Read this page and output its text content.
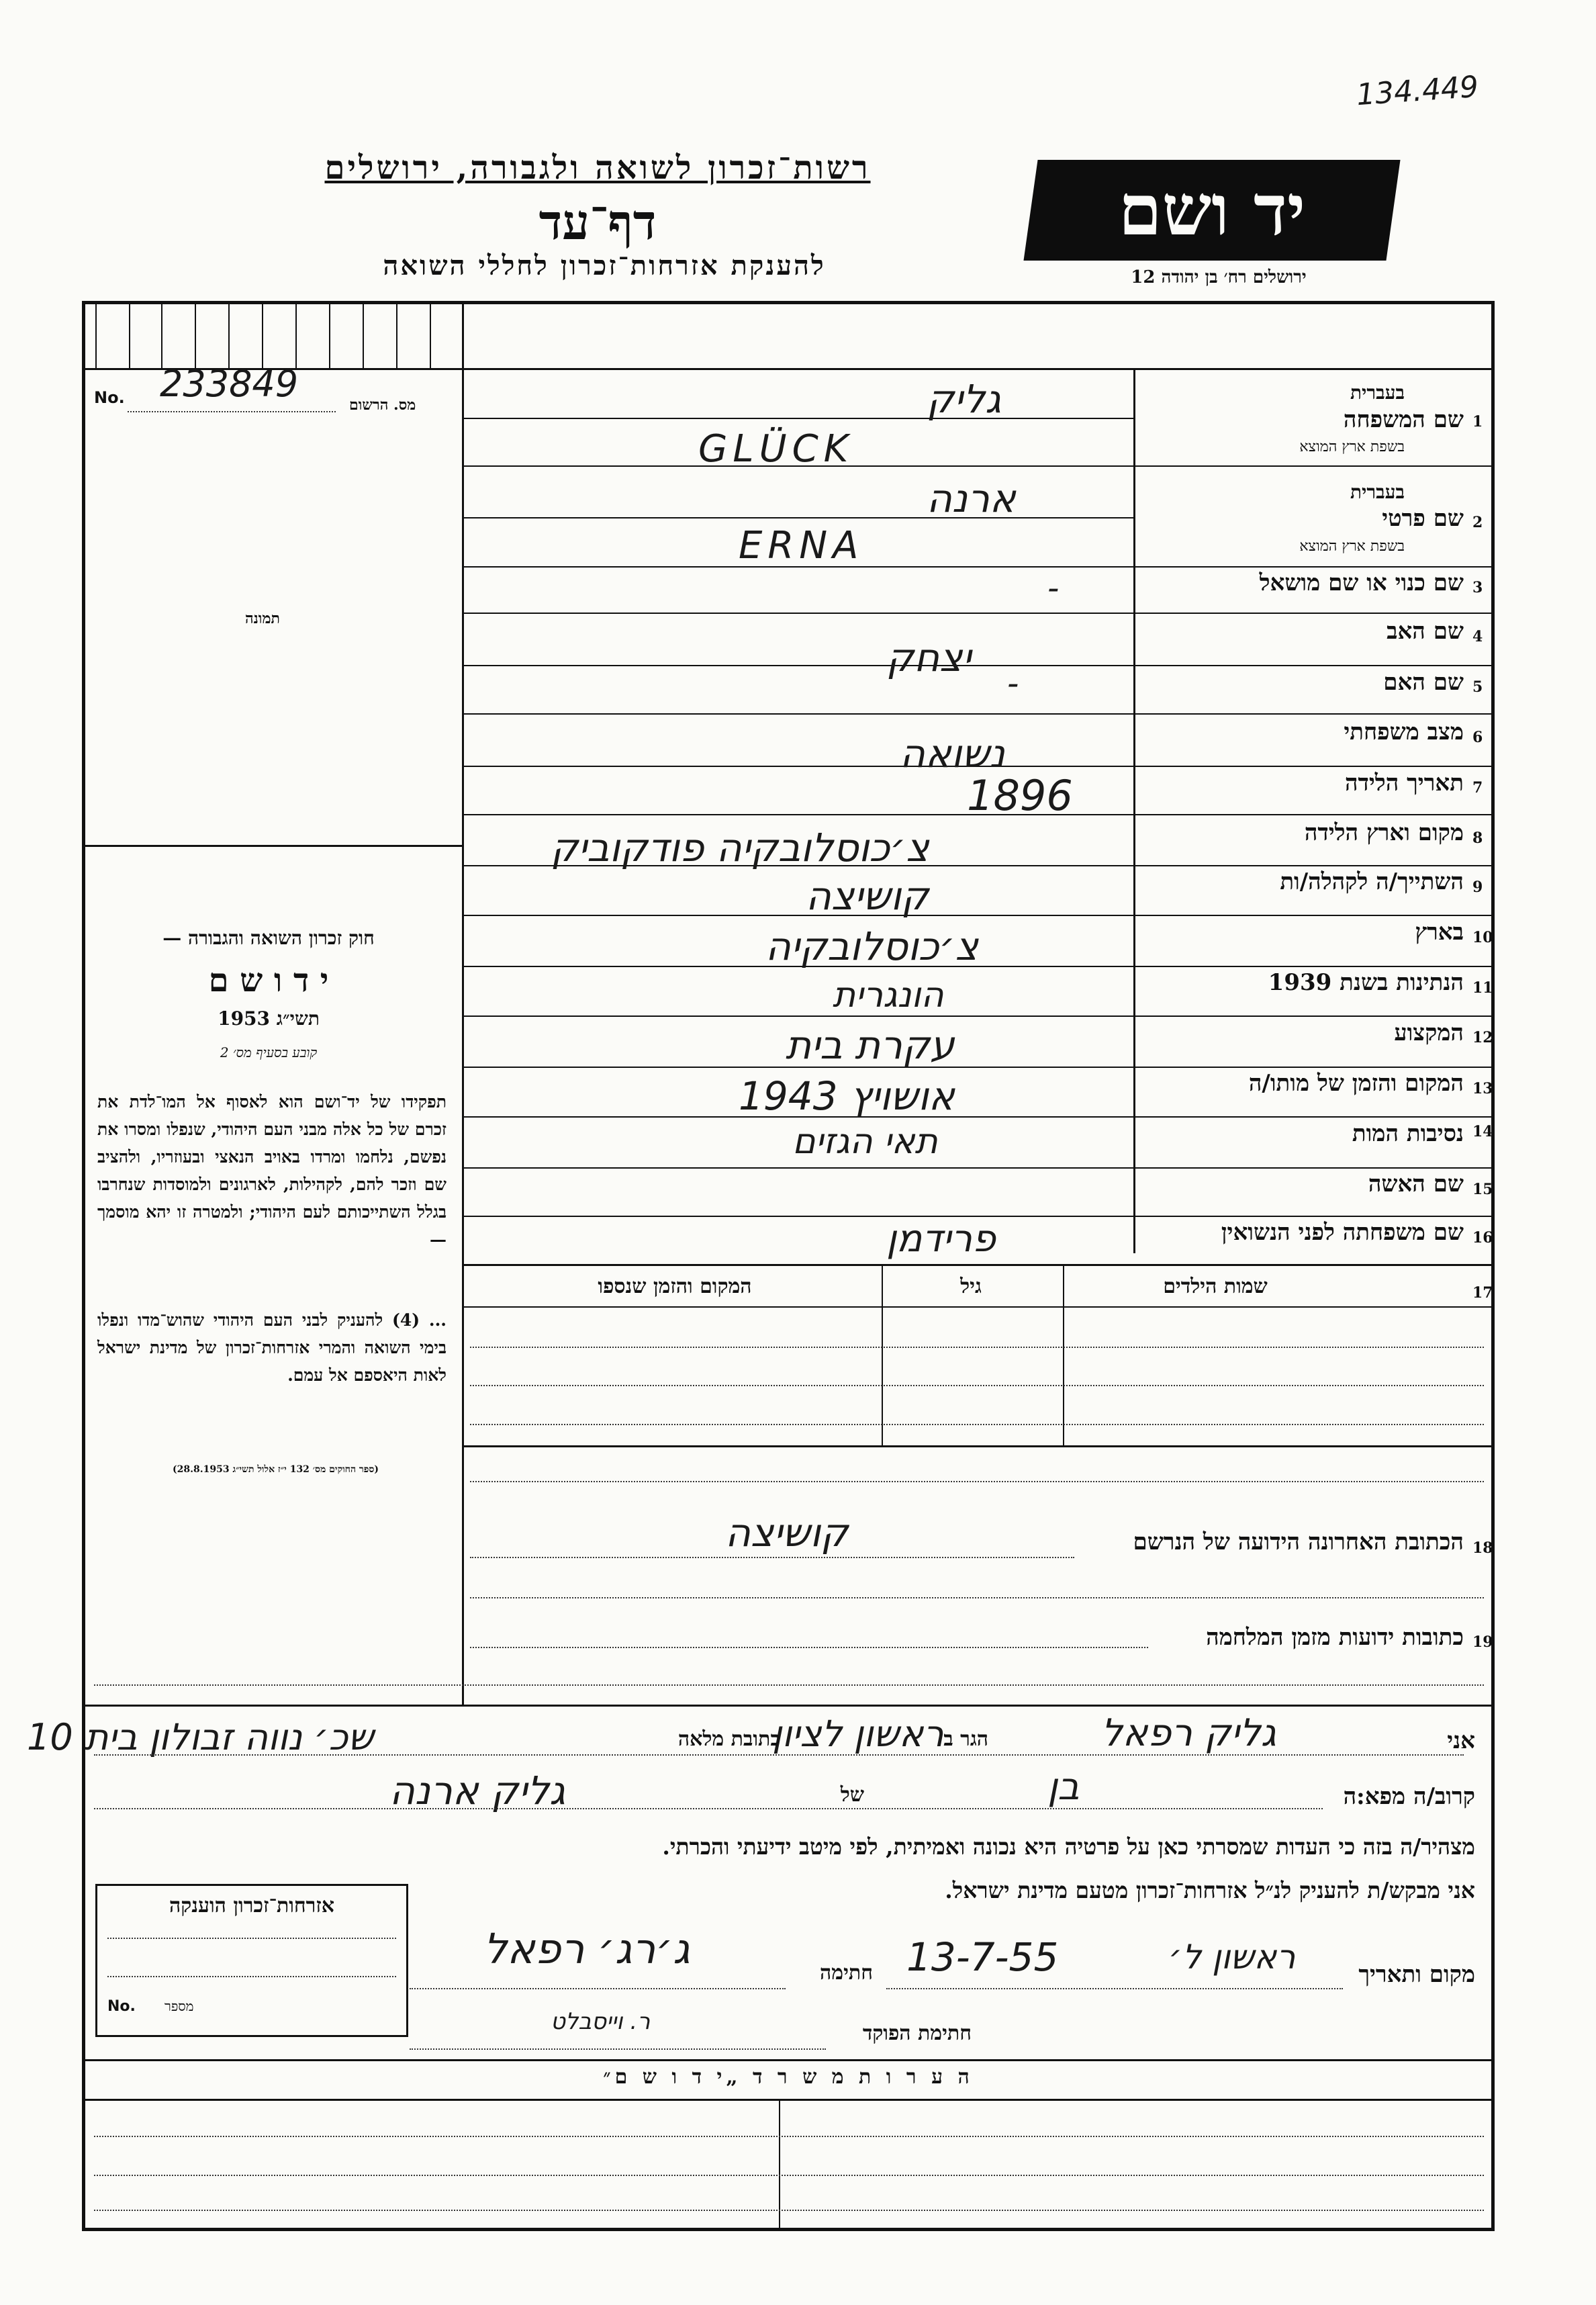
134.449
רשות־זכרון לשואה ולגבורה, ירושלים
דף־עד
להענקת אזרחות־זכרון לחללי השואה
יד ושם
ירושלים רח׳ בן יהודה 12
No. 233849	מס. הרשום
תמונה
חוק זכרון השואה והגבורה —
י ד ו ש ם
תשי״ג 1953
קובע בסעיף מס׳ 2
תפקידו של יד־ושם הוא לאסוף אל המו־לדת את זכרם של כל אלה מבני העם היהודי, שנפלו ומסרו את נפשם, נלחמו ומרדו באויב הנאצי ובעוזריו, ולהציב שם וזכר להם, לקהילות, לארגונים ולמוסדות שנחרבו בגלל השתייכותם לעם היהודי; ולמטרה זו יהא מוסמך —
... (4) להעניק לבני העם היהודי שהוש־מדו ונפלו בימי השואה והמרי אזרחות־זכרון של מדינת ישראל לאות היאספם אל עמם.
(ספר החוקים מס׳ 132 י״ז אלול תשי״ג 28.8.1953)
1
שם המשפחה
בעברית
בשפת ארץ המוצא
גליק
GLÜCK
2
שם פרטי
בעברית
בשפת ארץ המוצא
ארנה
ERNA
3
שם כנוי או שם מושאל
-
4
שם האב
יצחק
5
שם האם
-
6
מצב משפחתי
נשואה
7
תאריך הלידה
1896
8
מקום וארץ הלידה
צ׳כוסלובקיה פודקוביק
9
השתייך/ה לקהלה/ות
קושיצה
10
בארץ
צ׳כוסלובקיה
11
הנתינות בשנת 1939
הונגרית
12
המקצוע
עקרת בית
13
המקום והזמן של מותו/ה
אושויץ 1943
14
נסיבות המות
תאי הגזים
15
שם האשה
16
שם משפחתה לפני הנשואין
פרידמן
17
שמות הילדים
גיל
המקום והזמן שנספו
18
הכתובת האחרונה הידועה של הנרשם
קושיצה
19
כתובות ידועות מזמן המלחמה
אני
גליק רפאל
הגר ב
ראשון לציון
כתובת מלאה
שכ׳ נווה זבולון בית 10
קרוב/ה מפא:ה
בן
של
גליק ארנה
מצהיר/ה בזה כי העדות שמסרתי כאן על פרטיה היא נכונה ואמיתית, לפי מיטב ידיעתי והכרתי.
אני מבקש/ת להעניק לנ״ל אזרחות־זכרון מטעם מדינת ישראל.
אזרחות־זכרון הוענקה
No. מספר
מקום ותאריך
ראשון ל׳
13-7-55
חתימה
ג׳רג׳ רפאל
חתימת הפוקד
ר. וייסבלט
ה ע ר ו ת מ ש ר ד „י ד ו ש ם״
